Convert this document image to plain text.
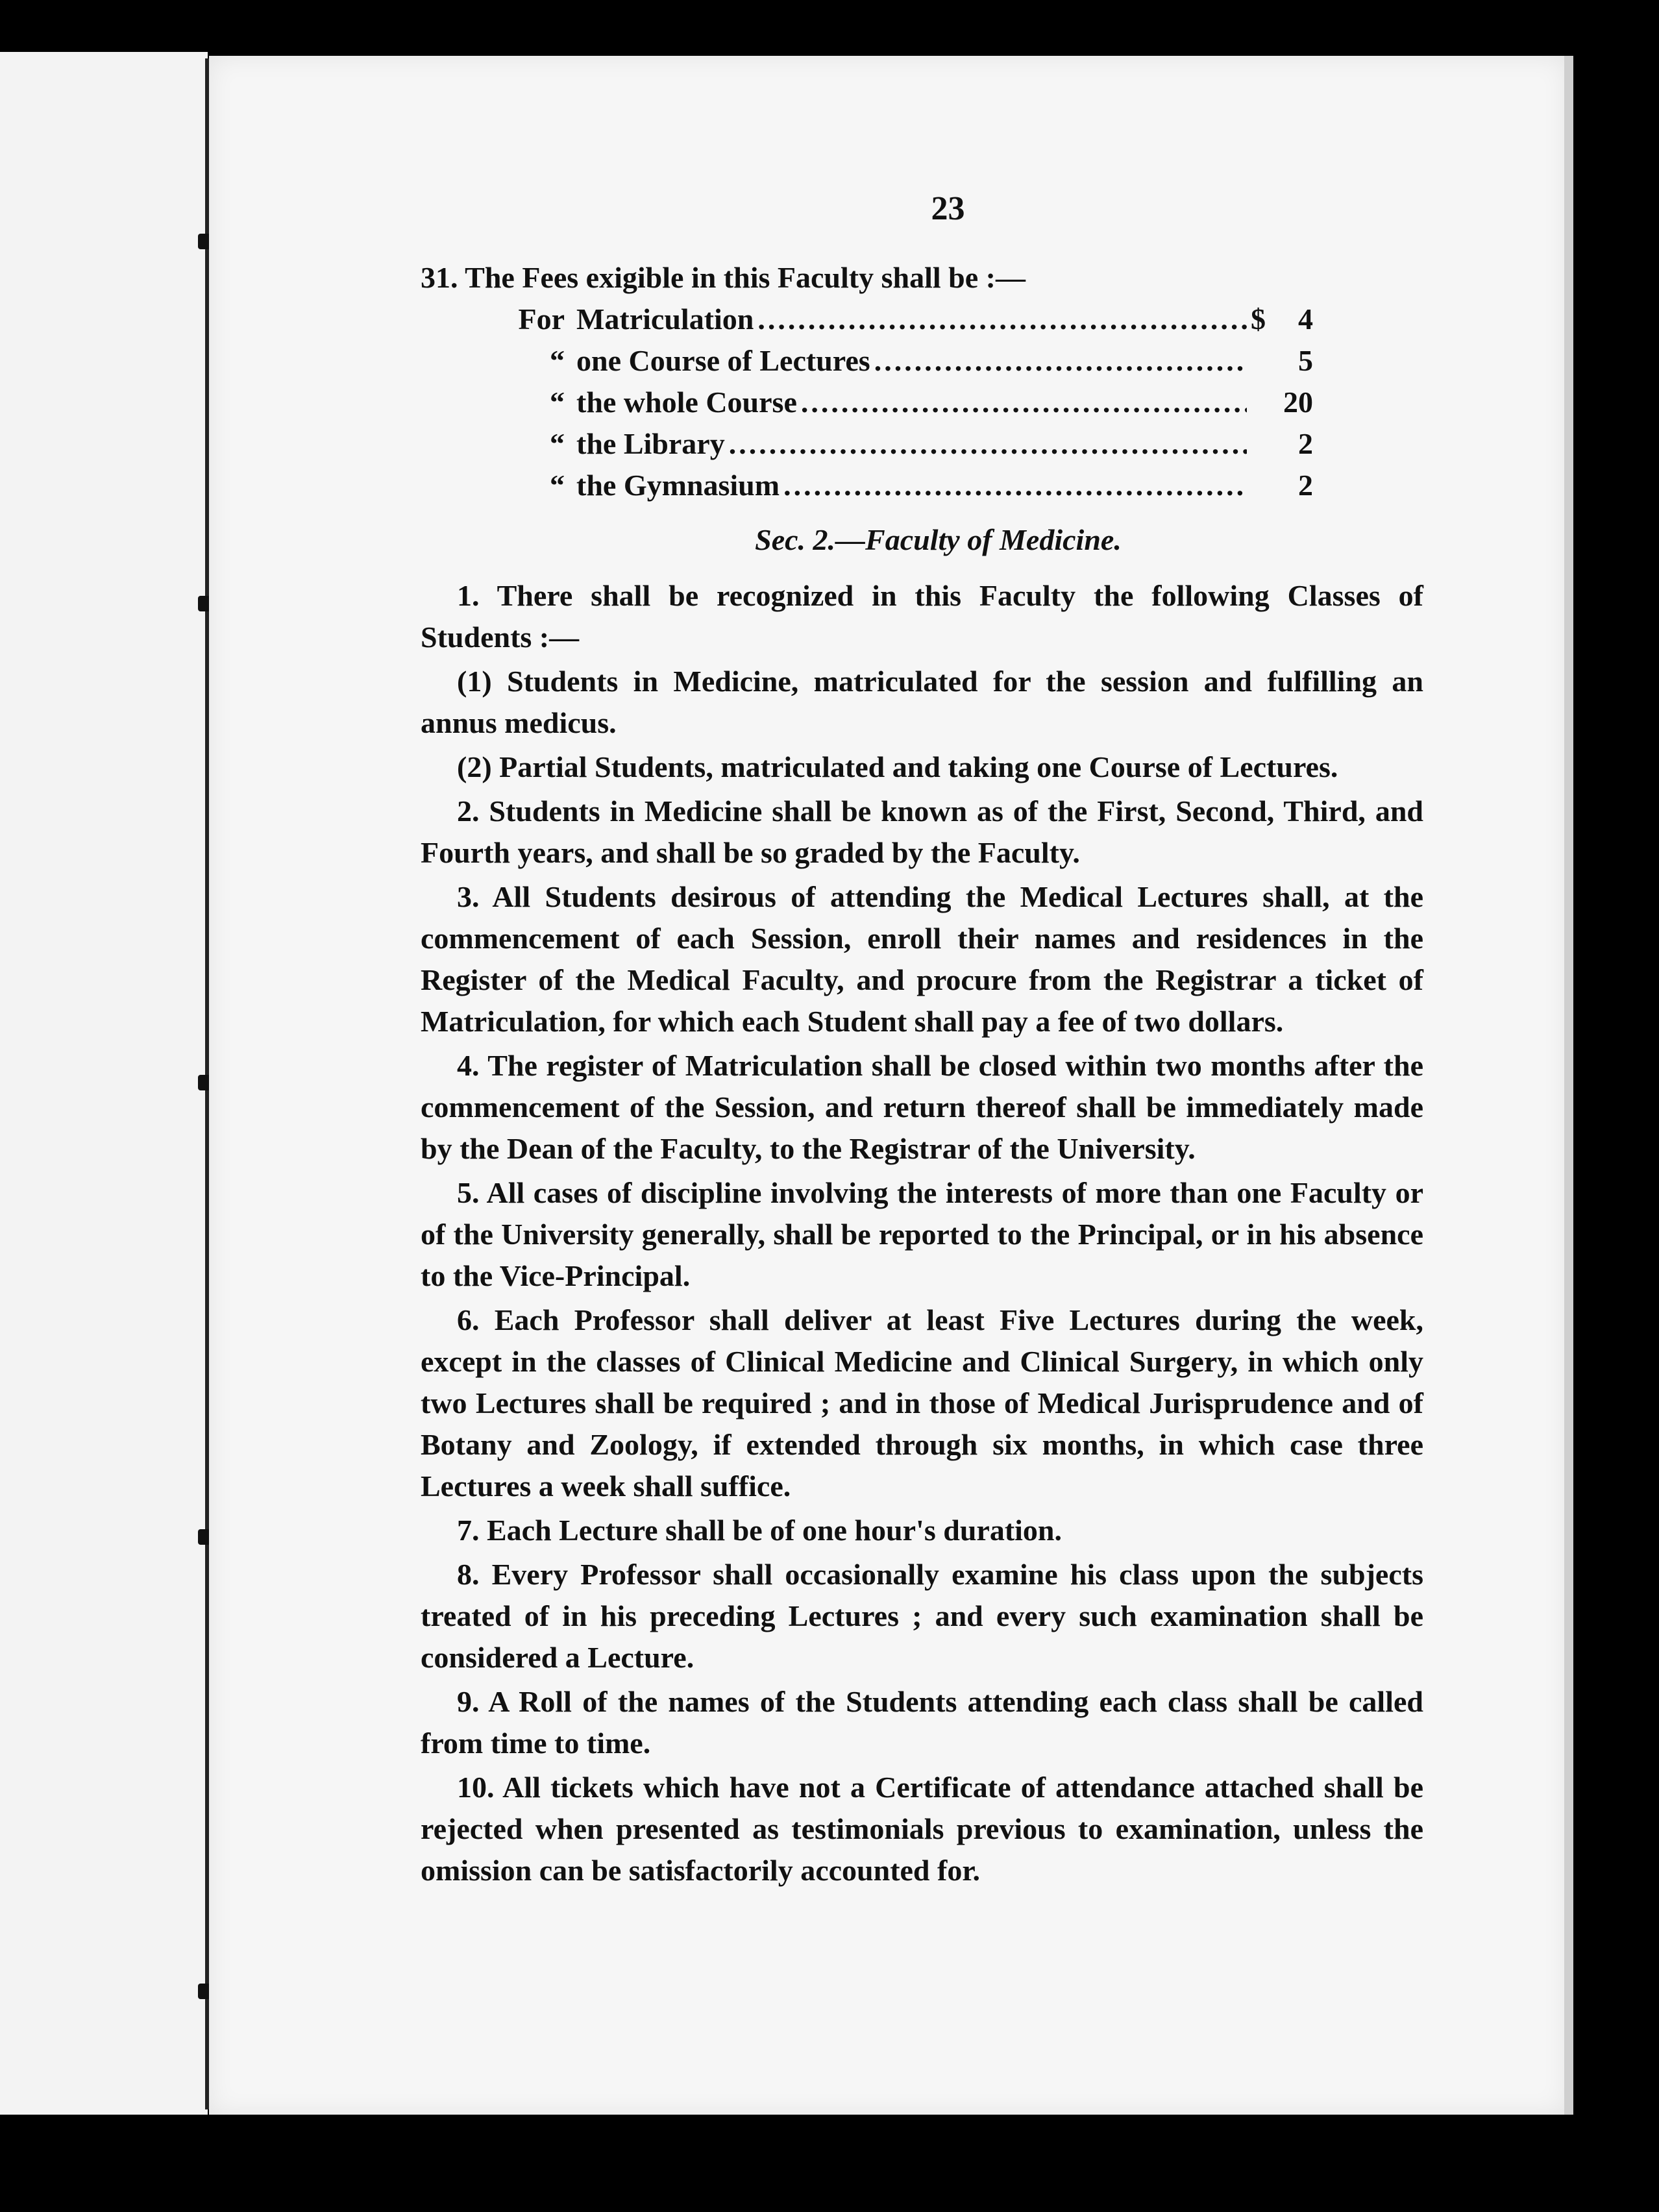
23
31. The Fees exigible in this Faculty shall be :—
For Matriculation .....	$	4
“ one Course of Lectures .....	5
“ the whole Course .....	20
“ the Library .....	2
“ the Gymnasium .....	2
Sec. 2.—Faculty of Medicine.

1. There shall be recognized in this Faculty the following Classes of Students :—

(1) Students in Medicine, matriculated for the session and fulfilling an annus medicus.

(2) Partial Students, matriculated and taking one Course of Lectures.

2. Students in Medicine shall be known as of the First, Second, Third, and Fourth years, and shall be so graded by the Faculty.

3. All Students desirous of attending the Medical Lectures shall, at the commencement of each Session, enroll their names and residences in the Register of the Medical Faculty, and procure from the Registrar a ticket of Matriculation, for which each Student shall pay a fee of two dollars.

4. The register of Matriculation shall be closed within two months after the commencement of the Session, and return thereof shall be immediately made by the Dean of the Faculty, to the Registrar of the University.

5. All cases of discipline involving the interests of more than one Faculty or of the University generally, shall be reported to the Principal, or in his absence to the Vice-Principal.

6. Each Professor shall deliver at least Five Lectures during the week, except in the classes of Clinical Medicine and Clinical Surgery, in which only two Lectures shall be required ; and in those of Medical Jurisprudence and of Botany and Zoology, if extended through six months, in which case three Lectures a week shall suffice.

7. Each Lecture shall be of one hour's duration.

8. Every Professor shall occasionally examine his class upon the subjects treated of in his preceding Lectures ; and every such examination shall be considered a Lecture.

9. A Roll of the names of the Students attending each class shall be called from time to time.

10. All tickets which have not a Certificate of attendance attached shall be rejected when presented as testimonials previous to examination, unless the omission can be satisfactorily accounted for.
